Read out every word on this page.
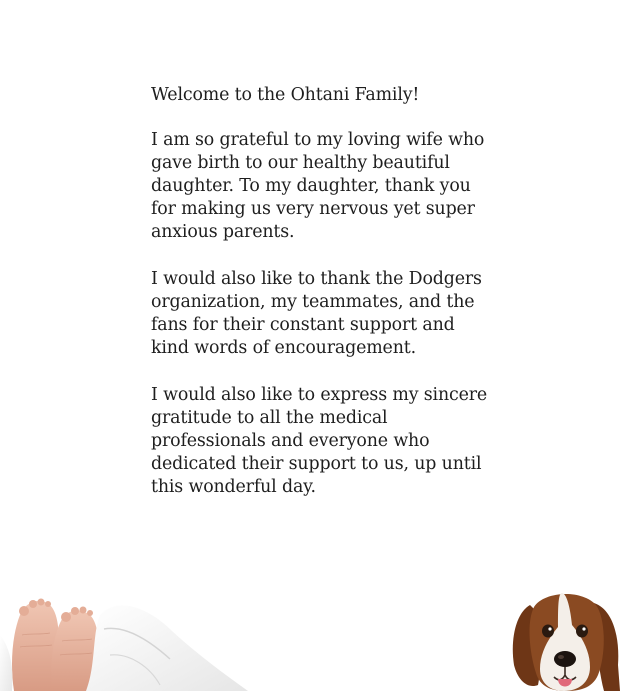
Welcome to the Ohtani Family!

I am so grateful to my loving wife who
gave birth to our healthy beautiful
daughter. To my daughter, thank you
for making us very nervous yet super
anxious parents.

I would also like to thank the Dodgers
organization, my teammates, and the
fans for their constant support and
kind words of encouragement.

I would also like to express my sincere
gratitude to all the medical
professionals and everyone who
dedicated their support to us, up until
this wonderful day.
